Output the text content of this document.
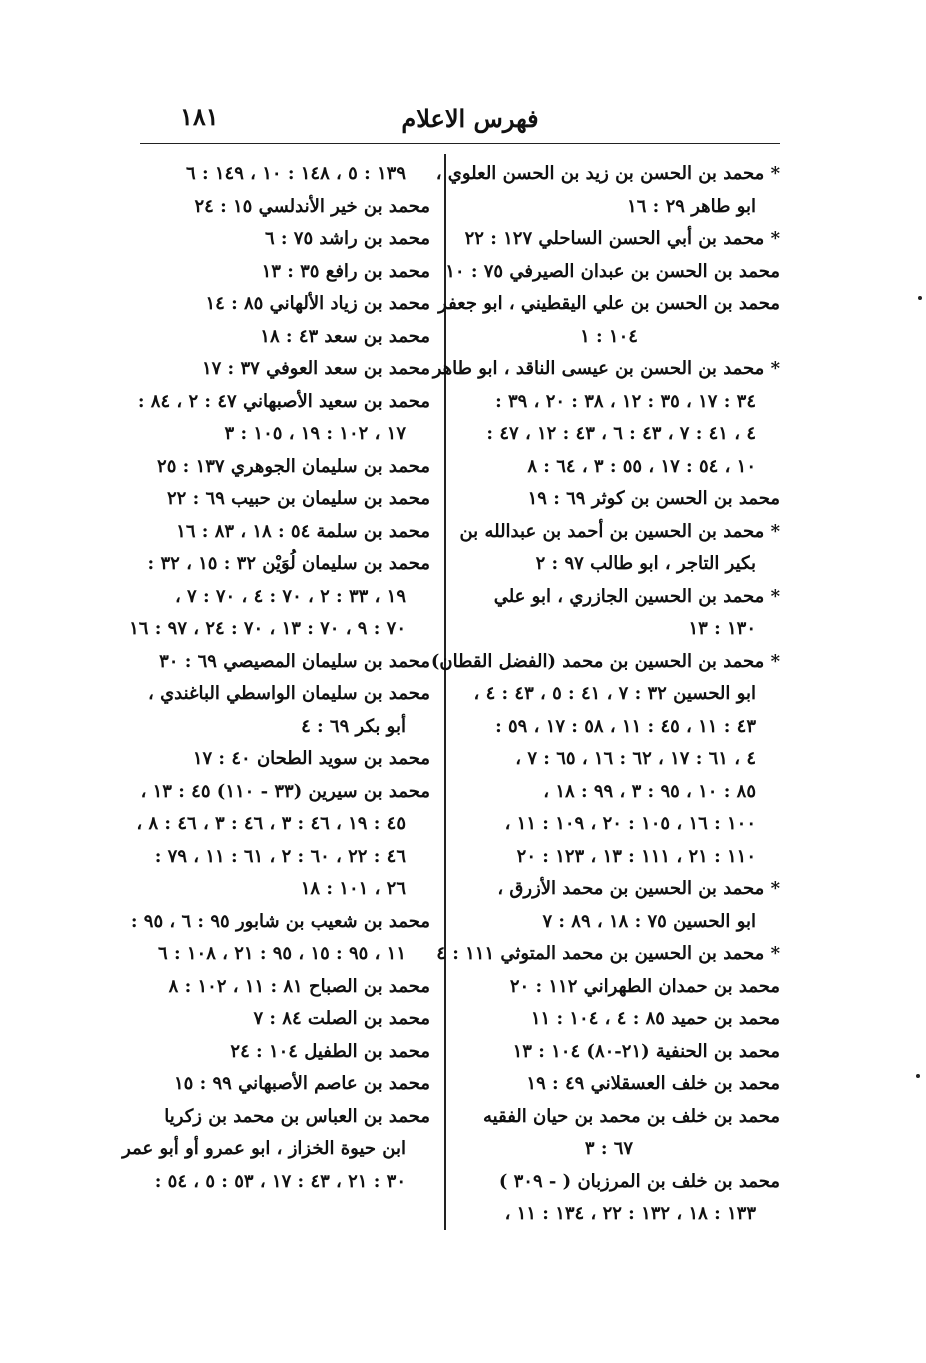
١٨١	فهرس الاعلام
* محمد بن الحسن بن زيد بن الحسن العلوي ،
ابو طاهر ٢٩ : ١٦
* محمد بن أبي الحسن الساحلي ١٢٧ : ٢٢
محمد بن الحسن بن عبدان الصيرفي ٧٥ : ١٠
محمد بن الحسن بن علي اليقطيني ، ابو جعفر
١٠٤ : ١
* محمد بن الحسن بن عيسى الناقد ، ابو طاهر
٣٤ : ١٧ ، ٣٥ : ١٢ ، ٣٨ : ٢٠ ، ٣٩ :
٤ ، ٤١ : ٧ ، ٤٣ : ٦ ، ٤٣ : ١٢ ، ٤٧ :
١٠ ، ٥٤ : ١٧ ، ٥٥ : ٣ ، ٦٤ : ٨
محمد بن الحسن بن كوثر ٦٩ : ١٩
* محمد بن الحسين بن أحمد بن عبدالله بن
بكير التاجر ، ابو طالب ٩٧ : ٢
* محمد بن الحسين الجازري ، ابو علي
١٣٠ : ١٣
* محمد بن الحسين بن محمد (الفضل القطان)
ابو الحسين ٣٢ : ٧ ، ٤١ : ٥ ، ٤٣ : ٤ ،
٤٣ : ١١ ، ٤٥ : ١١ ، ٥٨ : ١٧ ، ٥٩ :
٤ ، ٦١ : ١٧ ، ٦٢ : ١٦ ، ٦٥ : ٧ ،
٨٥ : ١٠ ، ٩٥ : ٣ ، ٩٩ : ١٨ ،
١٠٠ : ١٦ ، ١٠٥ : ٢٠ ، ١٠٩ : ١١ ،
١١٠ : ٢١ ، ١١١ : ١٣ ، ١٢٣ : ٢٠
* محمد بن الحسين بن محمد الأزرق ،
ابو الحسين ٧٥ : ١٨ ، ٨٩ : ٧
* محمد بن الحسين بن محمد المتوثي ١١١ : ٤
محمد بن حمدان الطهراني ١١٢ : ٢٠
محمد بن حميد ٨٥ : ٤ ، ١٠٤ : ١١
محمد بن الحنفية (٢١-٨٠) ١٠٤ : ١٣
محمد بن خلف العسقلاني ٤٩ : ١٩
محمد بن خلف بن محمد بن حيان الفقيه
٦٧ : ٣
محمد بن خلف بن المرزبان ( - ٣٠٩ )
١٣٣ : ١٨ ، ١٣٢ : ٢٢ ، ١٣٤ : ١١ ،
١٣٩ : ٥ ، ١٤٨ : ١٠ ، ١٤٩ : ٦
محمد بن خير الأندلسي ١٥ : ٢٤
محمد بن راشد ٧٥ : ٦
محمد بن رافع ٣٥ : ١٣
محمد بن زياد الألهاني ٨٥ : ١٤
محمد بن سعد ٤٣ : ١٨
محمد بن سعد العوفي ٣٧ : ١٧
محمد بن سعيد الأصبهاني ٤٧ : ٢ ، ٨٤ :
١٧ ، ١٠٢ : ١٩ ، ١٠٥ : ٣
محمد بن سليمان الجوهري ١٣٧ : ٢٥
محمد بن سليمان بن حبيب ٦٩ : ٢٢
محمد بن سلمة ٥٤ : ١٨ ، ٨٣ : ١٦
محمد بن سليمان لُوَيْن ٣٢ : ١٥ ، ٣٢ :
١٩ ، ٣٣ : ٢ ، ٧٠ : ٤ ، ٧٠ : ٧ ،
٧٠ : ٩ ، ٧٠ : ١٣ ، ٧٠ : ٢٤ ، ٩٧ : ١٦
محمد بن سليمان المصيصي ٦٩ : ٣٠
محمد بن سليمان الواسطي الباغندي ،
أبو بكر ٦٩ : ٤
محمد بن سويد الطحان ٤٠ : ١٧
محمد بن سيرين (٣٣ - ١١٠) ٤٥ : ١٣ ،
٤٥ : ١٩ ، ٤٦ : ٣ ، ٤٦ : ٣ ، ٤٦ : ٨ ،
٤٦ : ٢٢ ، ٦٠ : ٢ ، ٦١ : ١١ ، ٧٩ :
٢٦ ، ١٠١ : ١٨
محمد بن شعيب بن شابور ٩٥ : ٦ ، ٩٥ :
١١ ، ٩٥ : ١٥ ، ٩٥ : ٢١ ، ١٠٨ : ٦
محمد بن الصباح ٨١ : ١١ ، ١٠٢ : ٨
محمد بن الصلت ٨٤ : ٧
محمد بن الطفيل ١٠٤ : ٢٤
محمد بن عاصم الأصبهاني ٩٩ : ١٥
محمد بن العباس بن محمد بن زكريا
ابن حيوة الخزاز ، ابو عمرو أو أبو عمر
٣٠ : ٢١ ، ٤٣ : ١٧ ، ٥٣ : ٥ ، ٥٤ :
